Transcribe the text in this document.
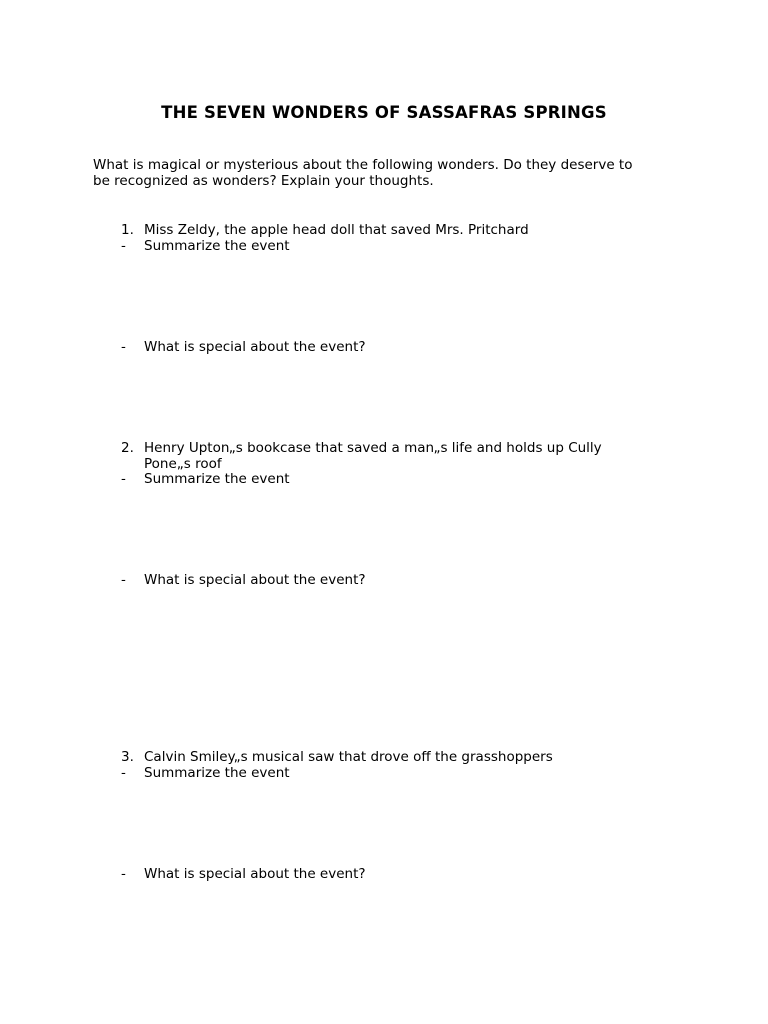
THE SEVEN WONDERS OF SASSAFRAS SPRINGS

What is magical or mysterious about the following wonders. Do they deserve to
be recognized as wonders? Explain your thoughts.

1. Miss Zeldy, the apple head doll that saved Mrs. Pritchard
- Summarize the event
- What is special about the event?
2. Henry Upton„s bookcase that saved a man„s life and holds up Cully
Pone„s roof
- Summarize the event
- What is special about the event?
3. Calvin Smiley„s musical saw that drove off the grasshoppers
- Summarize the event
- What is special about the event?
